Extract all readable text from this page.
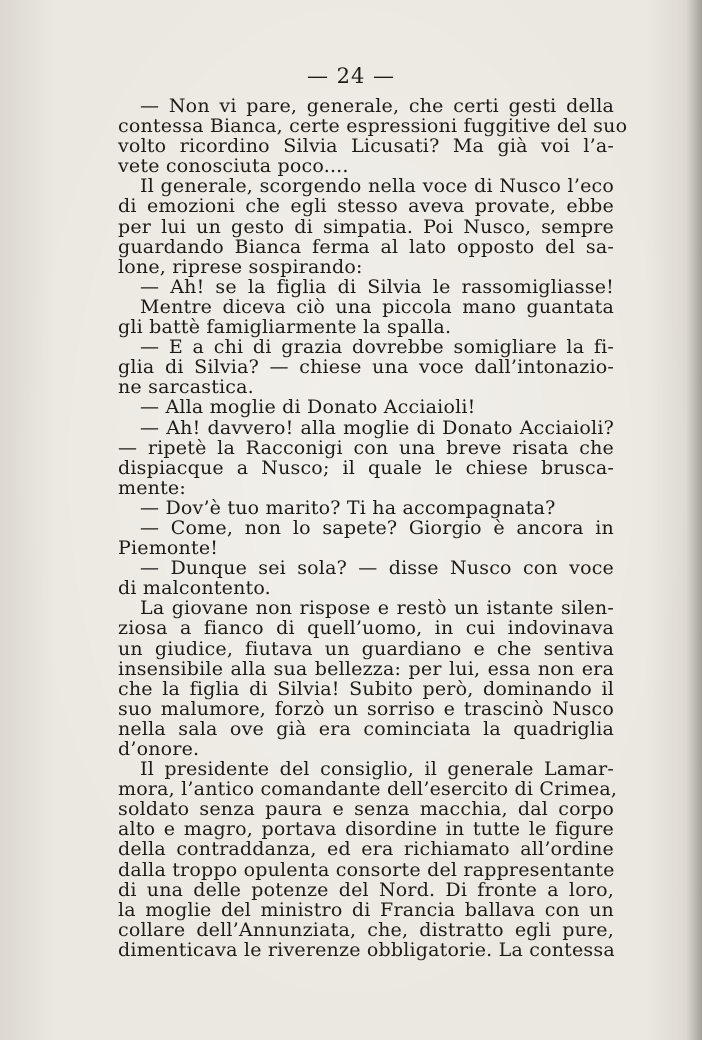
— 24 —
— Non vi pare, generale, che certi gesti della
contessa Bianca, certe espressioni fuggitive del suo
volto ricordino Silvia Licusati? Ma già voi l’a-
vete conosciuta poco....
Il generale, scorgendo nella voce di Nusco l’eco
di emozioni che egli stesso aveva provate, ebbe
per lui un gesto di simpatia. Poi Nusco, sempre
guardando Bianca ferma al lato opposto del sa-
lone, riprese sospirando:
— Ah! se la figlia di Silvia le rassomigliasse!
Mentre diceva ciò una piccola mano guantata
gli battè famigliarmente la spalla.
— E a chi di grazia dovrebbe somigliare la fi-
glia di Silvia? — chiese una voce dall’intonazio-
ne sarcastica.
— Alla moglie di Donato Acciaioli!
— Ah! davvero! alla moglie di Donato Acciaioli?
— ripetè la Racconigi con una breve risata che
dispiacque a Nusco; il quale le chiese brusca-
mente:
— Dov’è tuo marito? Ti ha accompagnata?
— Come, non lo sapete? Giorgio è ancora in
Piemonte!
— Dunque sei sola? — disse Nusco con voce
di malcontento.
La giovane non rispose e restò un istante silen-
ziosa a fianco di quell’uomo, in cui indovinava
un giudice, fiutava un guardiano e che sentiva
insensibile alla sua bellezza: per lui, essa non era
che la figlia di Silvia! Subito però, dominando il
suo malumore, forzò un sorriso e trascinò Nusco
nella sala ove già era cominciata la quadriglia
d’onore.
Il presidente del consiglio, il generale Lamar-
mora, l’antico comandante dell’esercito di Crimea,
soldato senza paura e senza macchia, dal corpo
alto e magro, portava disordine in tutte le figure
della contraddanza, ed era richiamato all’ordine
dalla troppo opulenta consorte del rappresentante
di una delle potenze del Nord. Di fronte a loro,
la moglie del ministro di Francia ballava con un
collare dell’Annunziata, che, distratto egli pure,
dimenticava le riverenze obbligatorie. La contessa
